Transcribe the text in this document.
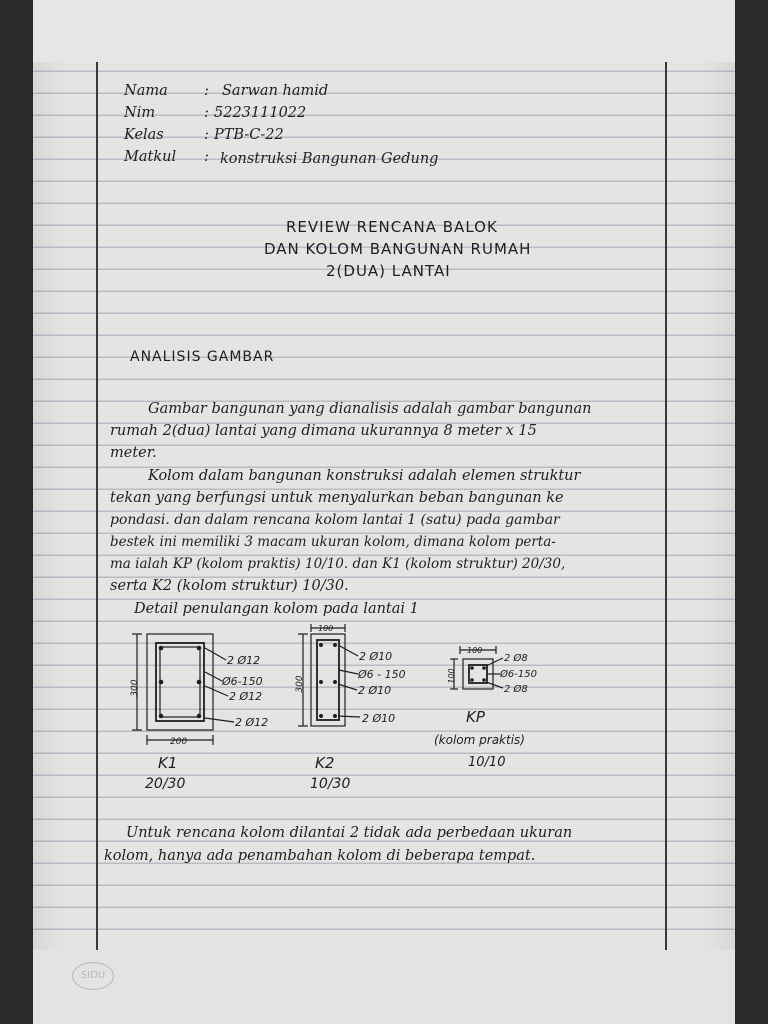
Nama	: Sarwan hamid
Nim	: 5223111022
Kelas	: PTB-C-22
Matkul : konstruksi Bangunan Gedung
REVIEW RENCANA BALOK
DAN KOLOM BANGUNAN RUMAH
2(DUA) LANTAI
ANALISIS GAMBAR
Gambar bangunan yang dianalisis adalah gambar bangunan
rumah 2(dua) lantai yang dimana ukurannya 8 meter x 15
meter.
Kolom dalam bangunan konstruksi adalah elemen struktur
tekan yang berfungsi untuk menyalurkan beban bangunan ke
pondasi. dan dalam rencana kolom lantai 1 (satu) pada gambar
bestek ini memiliki 3 macam ukuran kolom, dimana kolom perta-
ma ialah KP (kolom praktis) 10/10. dan K1 (kolom struktur) 20/30,
serta K2 (kolom struktur) 10/30.
Detail penulangan kolom pada lantai 1
2 Ø12
Ø6-150
2 Ø12
2 Ø12
300
200
K1
20/30
2 Ø10
Ø6 - 150
2 Ø10
2 Ø10
100
300
K2
10/30
2 Ø8
Ø6-150
2 Ø8
100
100
KP
(kolom praktis)
10/10
Untuk rencana kolom dilantai 2 tidak ada perbedaan ukuran
kolom, hanya ada penambahan kolom di beberapa tempat.
SIDU
